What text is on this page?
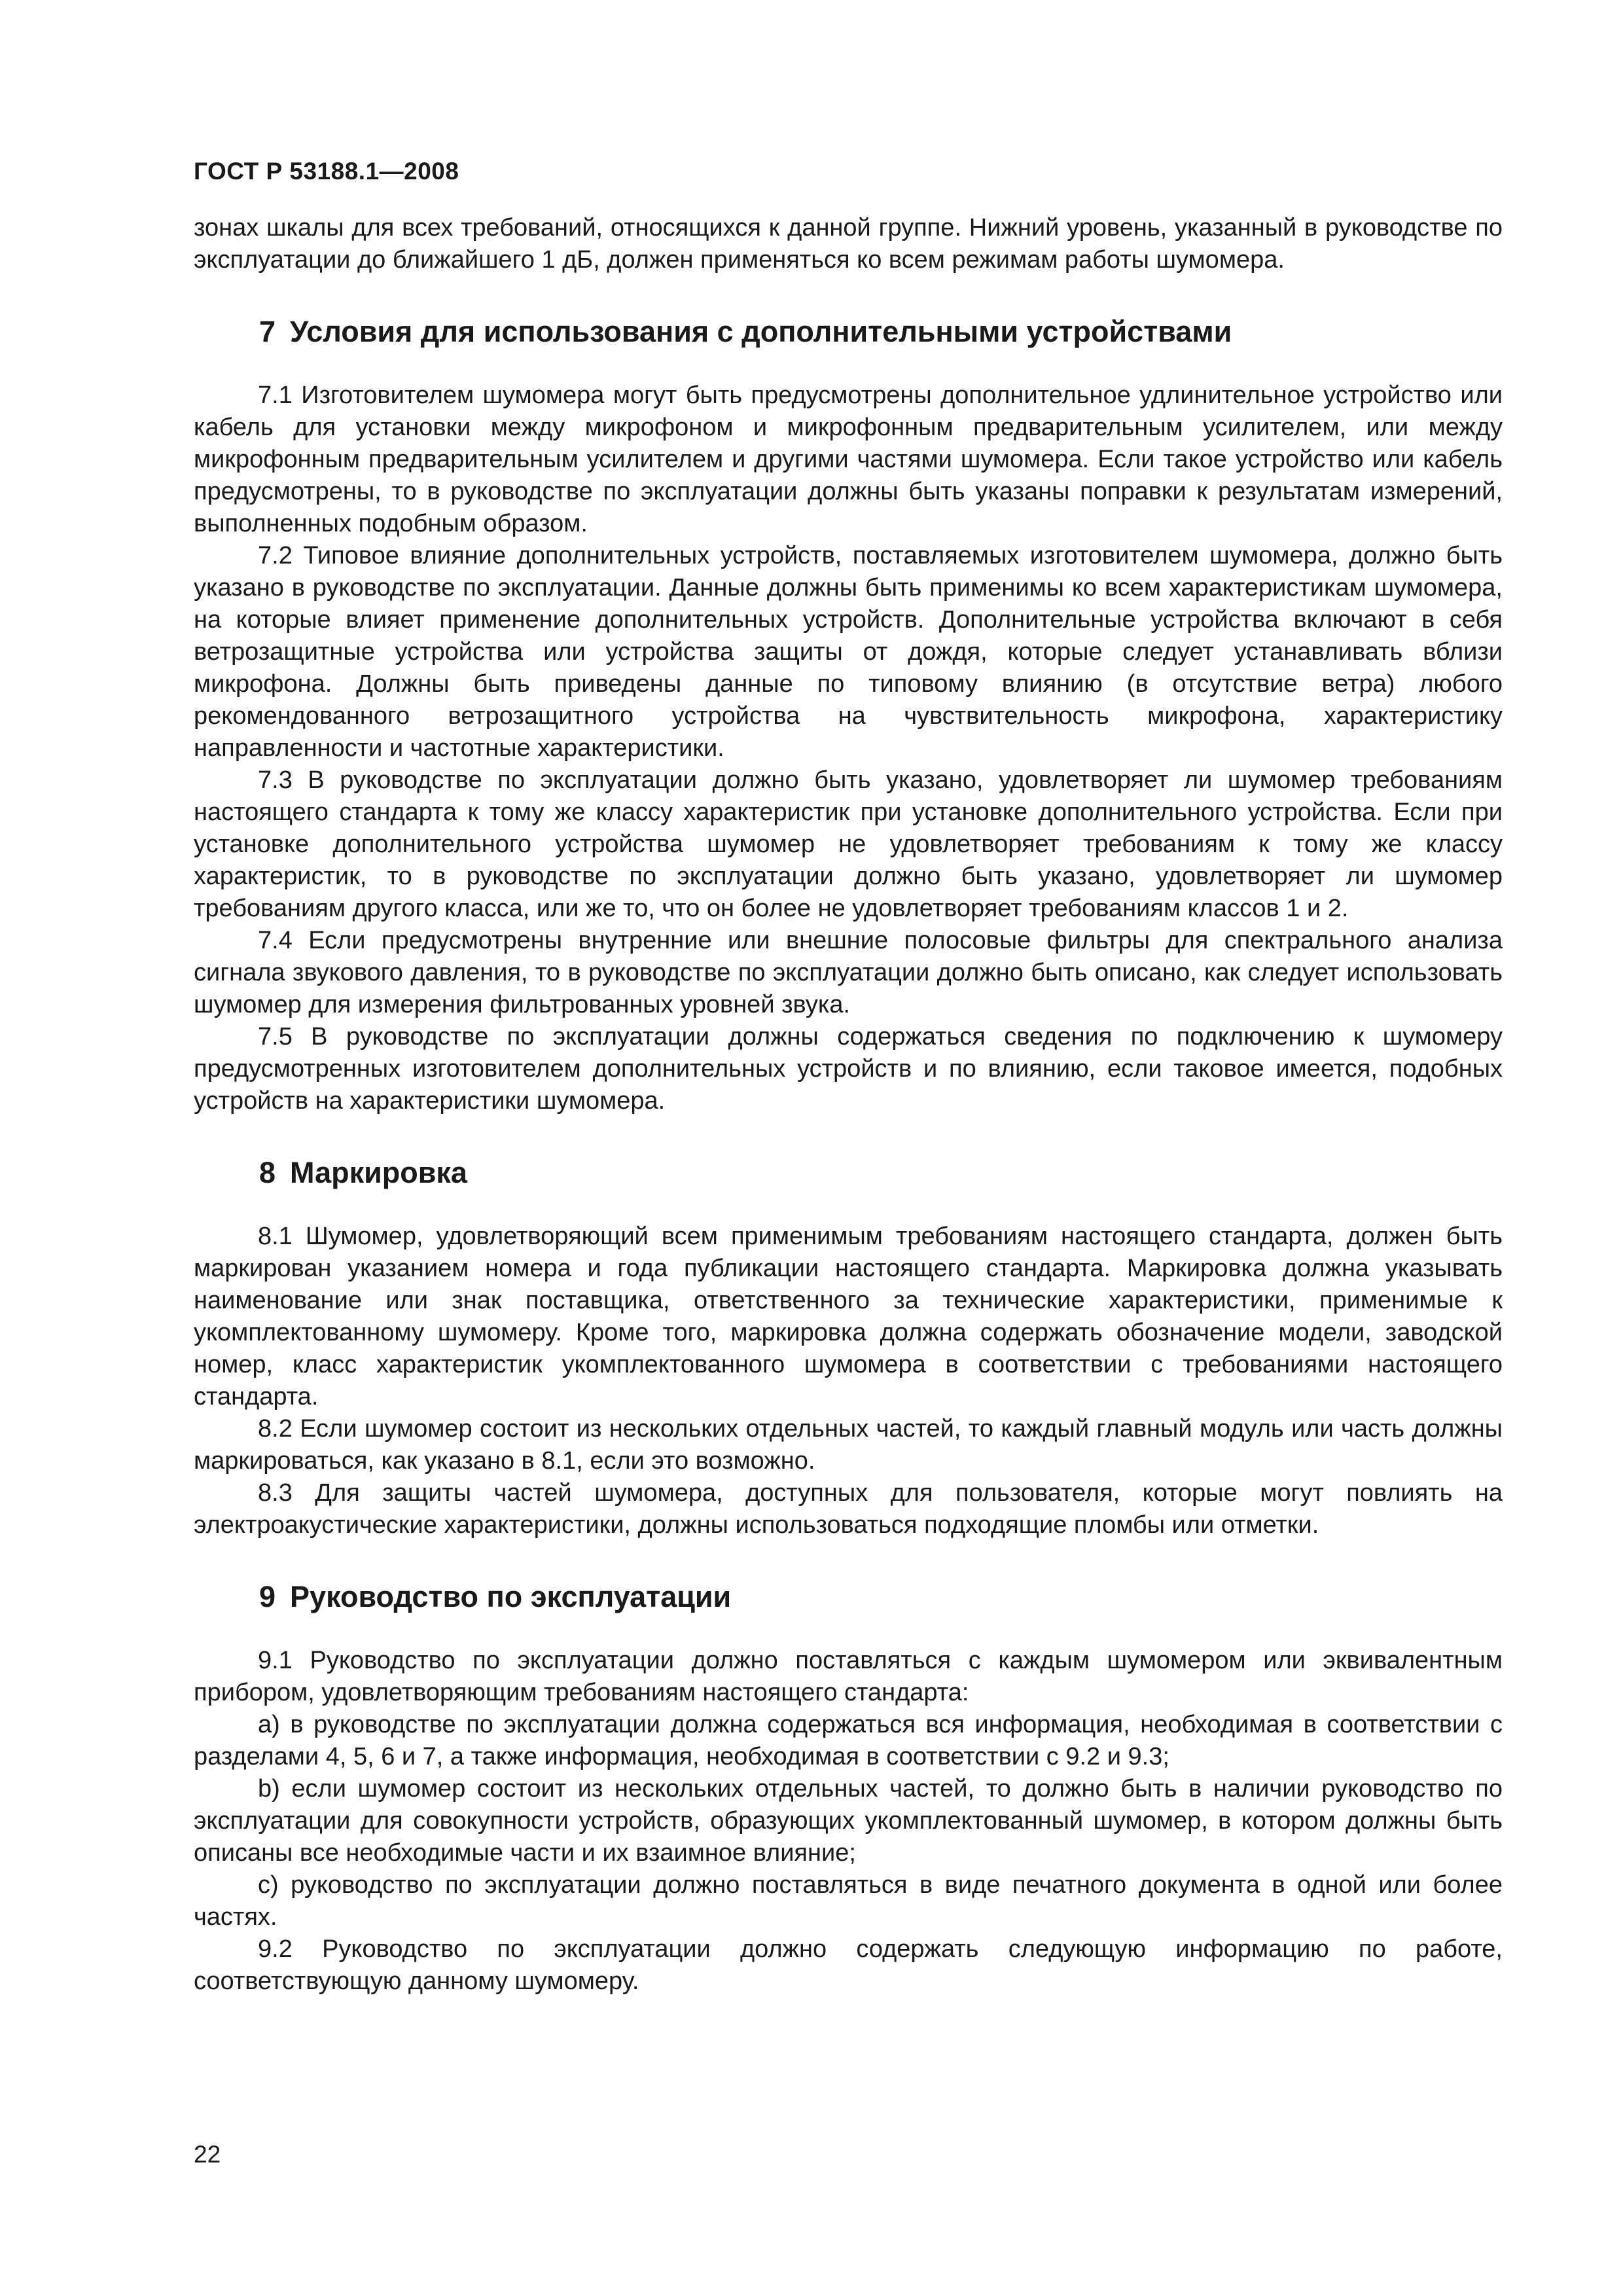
ГОСТ Р 53188.1—2008

зонах шкалы для всех требований, относящихся к данной группе. Нижний уровень, указанный в руководстве по эксплуатации до ближайшего 1 дБ, должен применяться ко всем режимам работы шумомера.

7 Условия для использования с дополнительными устройствами

7.1 Изготовителем шумомера могут быть предусмотрены дополнительное удлинительное устройство или кабель для установки между микрофоном и микрофонным предварительным усилителем, или между микрофонным предварительным усилителем и другими частями шумомера. Если такое устройство или кабель предусмотрены, то в руководстве по эксплуатации должны быть указаны поправки к результатам измерений, выполненных подобным образом.

7.2 Типовое влияние дополнительных устройств, поставляемых изготовителем шумомера, должно быть указано в руководстве по эксплуатации. Данные должны быть применимы ко всем характеристикам шумомера, на которые влияет применение дополнительных устройств. Дополнительные устройства включают в себя ветрозащитные устройства или устройства защиты от дождя, которые следует устанавливать вблизи микрофона. Должны быть приведены данные по типовому влиянию (в отсутствие ветра) любого рекомендованного ветрозащитного устройства на чувствительность микрофона, характеристику направленности и частотные характеристики.

7.3 В руководстве по эксплуатации должно быть указано, удовлетворяет ли шумомер требованиям настоящего стандарта к тому же классу характеристик при установке дополнительного устройства. Если при установке дополнительного устройства шумомер не удовлетворяет требованиям к тому же классу характеристик, то в руководстве по эксплуатации должно быть указано, удовлетворяет ли шумомер требованиям другого класса, или же то, что он более не удовлетворяет требованиям классов 1 и 2.

7.4 Если предусмотрены внутренние или внешние полосовые фильтры для спектрального анализа сигнала звукового давления, то в руководстве по эксплуатации должно быть описано, как следует использовать шумомер для измерения фильтрованных уровней звука.

7.5 В руководстве по эксплуатации должны содержаться сведения по подключению к шумомеру предусмотренных изготовителем дополнительных устройств и по влиянию, если таковое имеется, подобных устройств на характеристики шумомера.

8 Маркировка

8.1 Шумомер, удовлетворяющий всем применимым требованиям настоящего стандарта, должен быть маркирован указанием номера и года публикации настоящего стандарта. Маркировка должна указывать наименование или знак поставщика, ответственного за технические характеристики, применимые к укомплектованному шумомеру. Кроме того, маркировка должна содержать обозначение модели, заводской номер, класс характеристик укомплектованного шумомера в соответствии с требованиями настоящего стандарта.

8.2 Если шумомер состоит из нескольких отдельных частей, то каждый главный модуль или часть должны маркироваться, как указано в 8.1, если это возможно.

8.3 Для защиты частей шумомера, доступных для пользователя, которые могут повлиять на электроакустические характеристики, должны использоваться подходящие пломбы или отметки.

9 Руководство по эксплуатации

9.1 Руководство по эксплуатации должно поставляться с каждым шумомером или эквивалентным прибором, удовлетворяющим требованиям настоящего стандарта:

a) в руководстве по эксплуатации должна содержаться вся информация, необходимая в соответствии с разделами 4, 5, 6 и 7, а также информация, необходимая в соответствии с 9.2 и 9.3;

b) если шумомер состоит из нескольких отдельных частей, то должно быть в наличии руководство по эксплуатации для совокупности устройств, образующих укомплектованный шумомер, в котором должны быть описаны все необходимые части и их взаимное влияние;

c) руководство по эксплуатации должно поставляться в виде печатного документа в одной или более частях.

9.2 Руководство по эксплуатации должно содержать следующую информацию по работе, соответствующую данному шумомеру.

22
